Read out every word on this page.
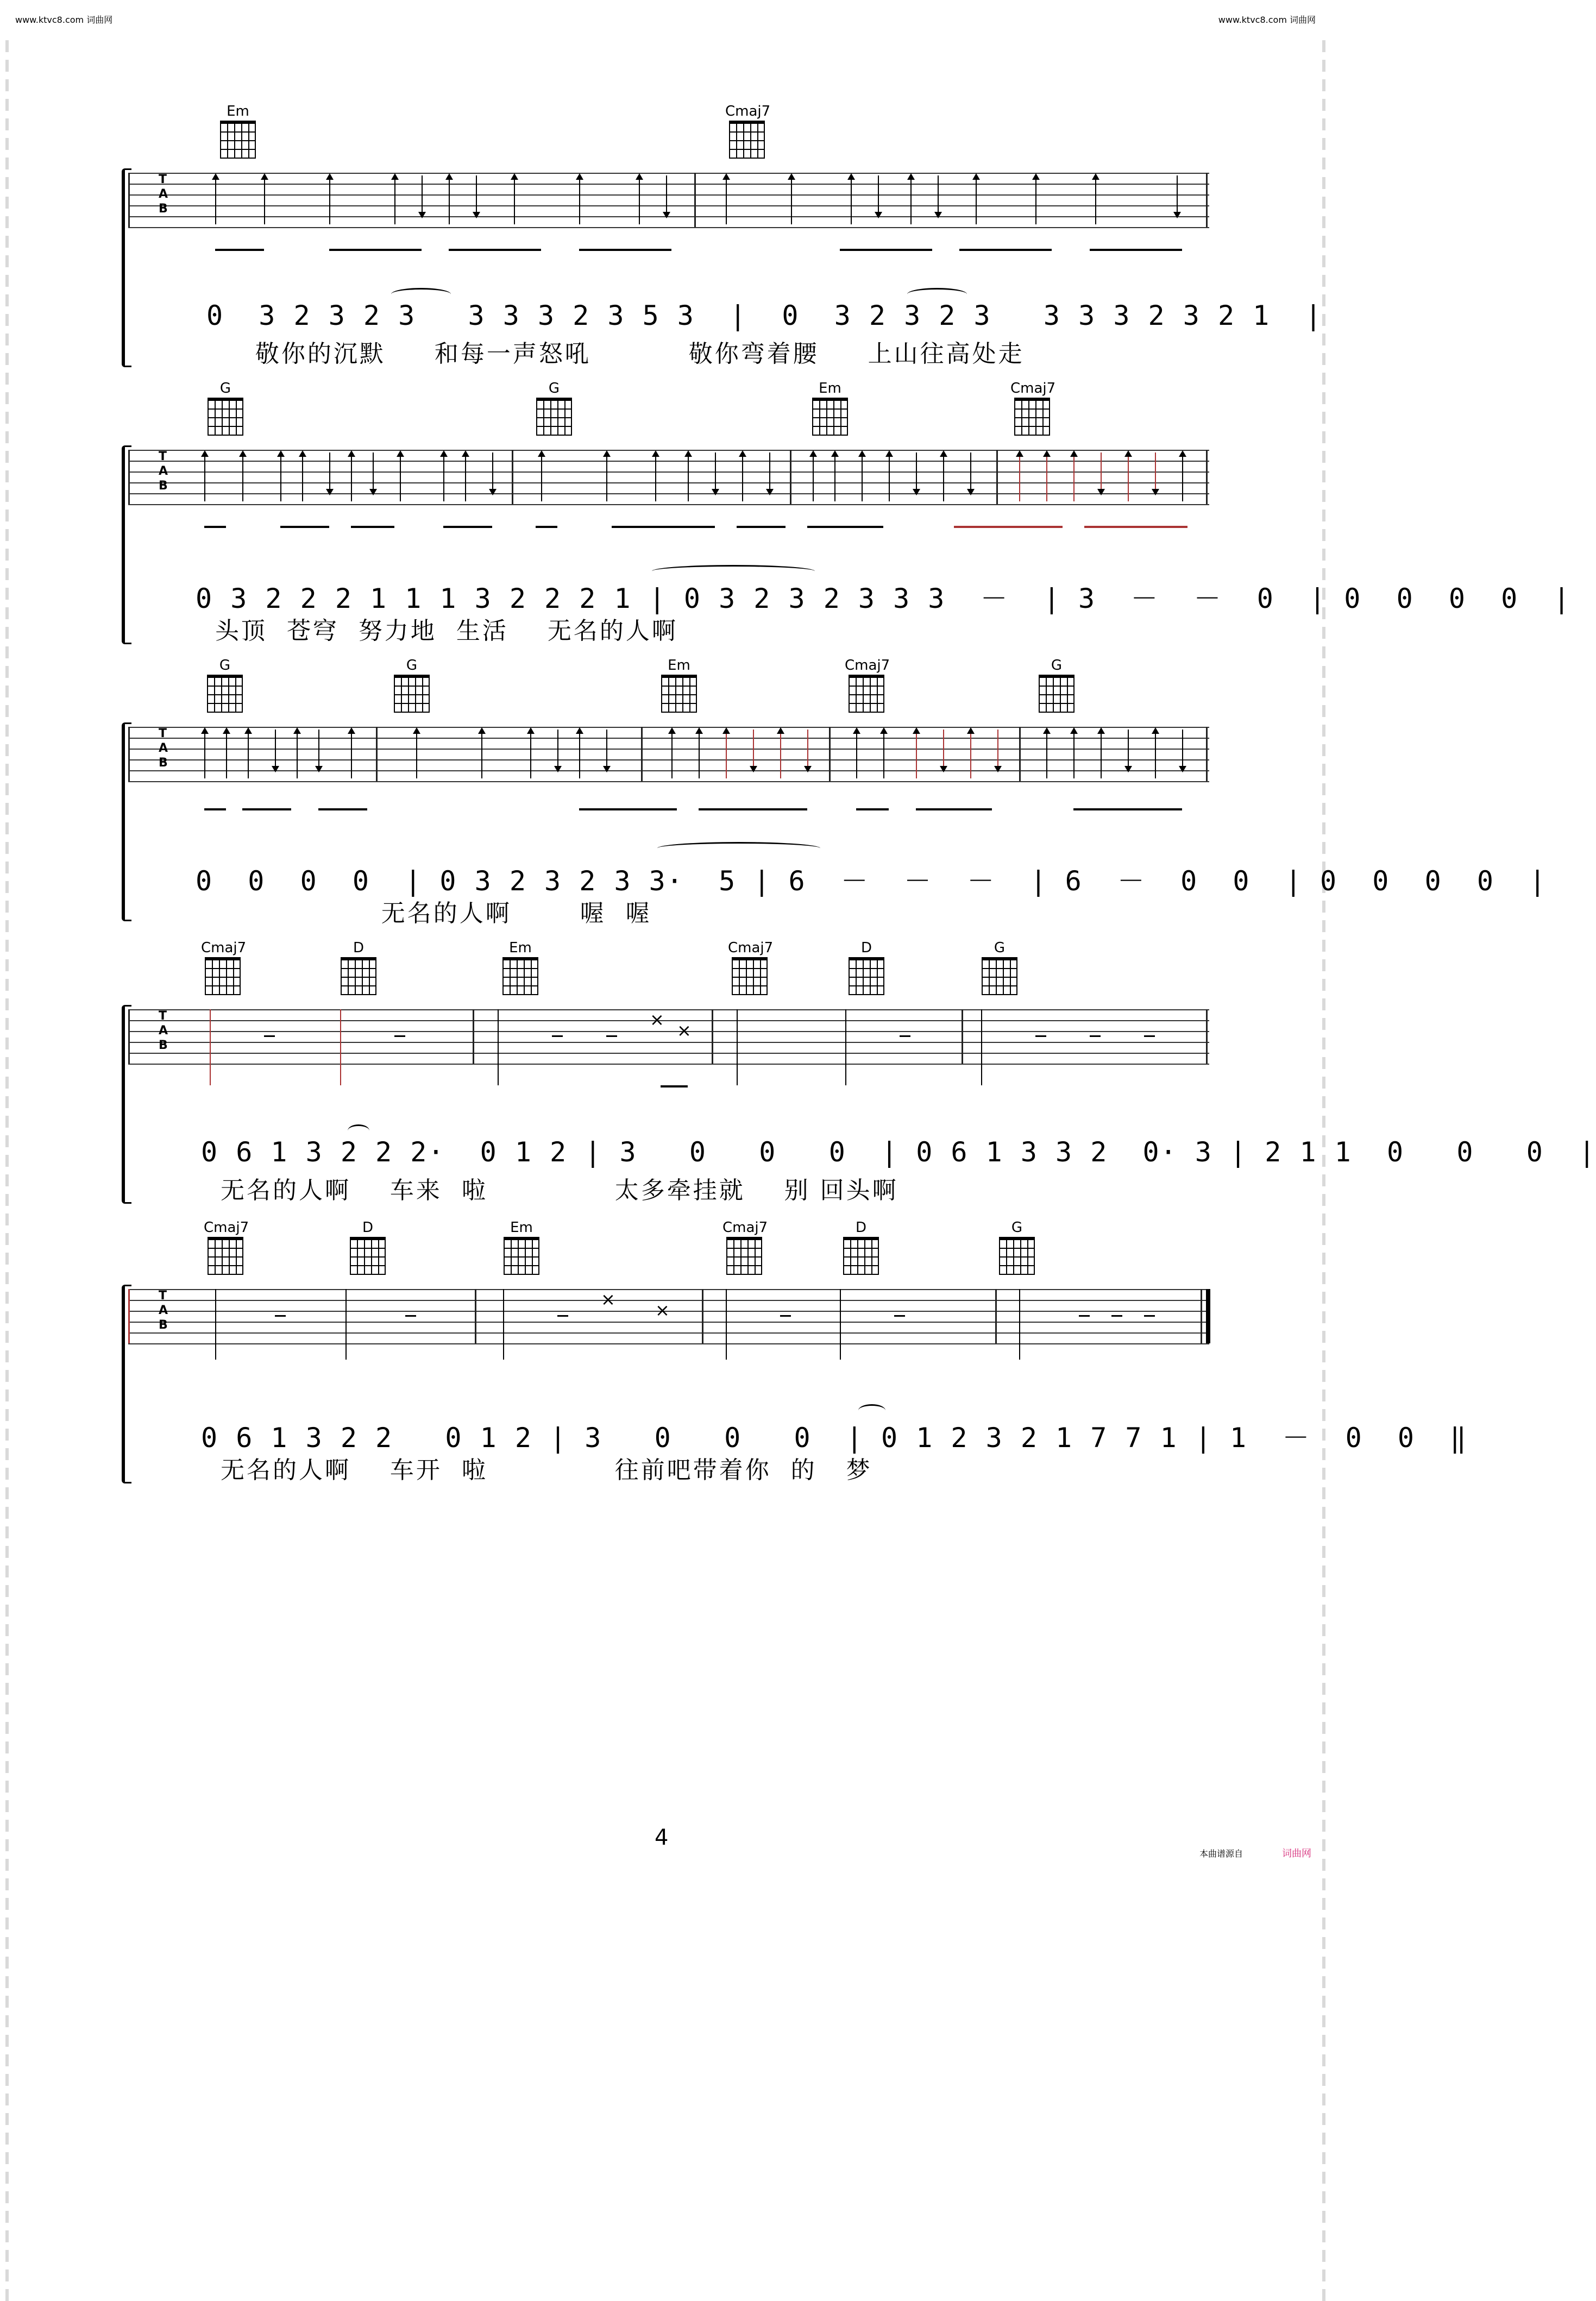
www.ktvc8.com 词曲网	www.ktvc8.com 词曲网
Em	Cmaj7
T
A
B
0  3 2 3 2 3   3 3 3 2 3 5 3  |  0  3 2 3 2 3   3 3 3 2 3 2 1  |
敬你的沉默     和每一声怒吼          敬你弯着腰     上山往高处走
G	G	Em	Cmaj7
T
A
B
0 3 2 2 2 1 1 1 3 2 2 2 1 | 0 3 2 3 2 3 3 3  －  | 3  －  －  0  | 0  0  0  0  |
头顶  苍穹  努力地  生活    无名的人啊
G	G	Em	Cmaj7	G
T
A
B
0  0  0  0  | 0 3 2 3 2 3 3·  5 | 6  －  －  －  | 6  －  0  0  | 0  0  0  0  |
无名的人啊       喔  喔
Cmaj7	D	Em	Cmaj7	D	G
×
×
T
A
B
0 6 1 3 2 2 2·  0 1 2 | 3   0   0   0  | 0 6 1 3 3 2  0· 3 | 2 1 1  0   0   0  |
无名的人啊    车来  啦             太多牵挂就    别 回头啊
Cmaj7	D	Em	Cmaj7	D	G
×
×
T
A
B
0 6 1 3 2 2   0 1 2 | 3   0   0   0  | 0 1 2 3 2 1 7 7 1 | 1  －  0  0  ‖
无名的人啊    车开  啦             往前吧带着你  的   梦
4
本曲谱源自	词曲网
